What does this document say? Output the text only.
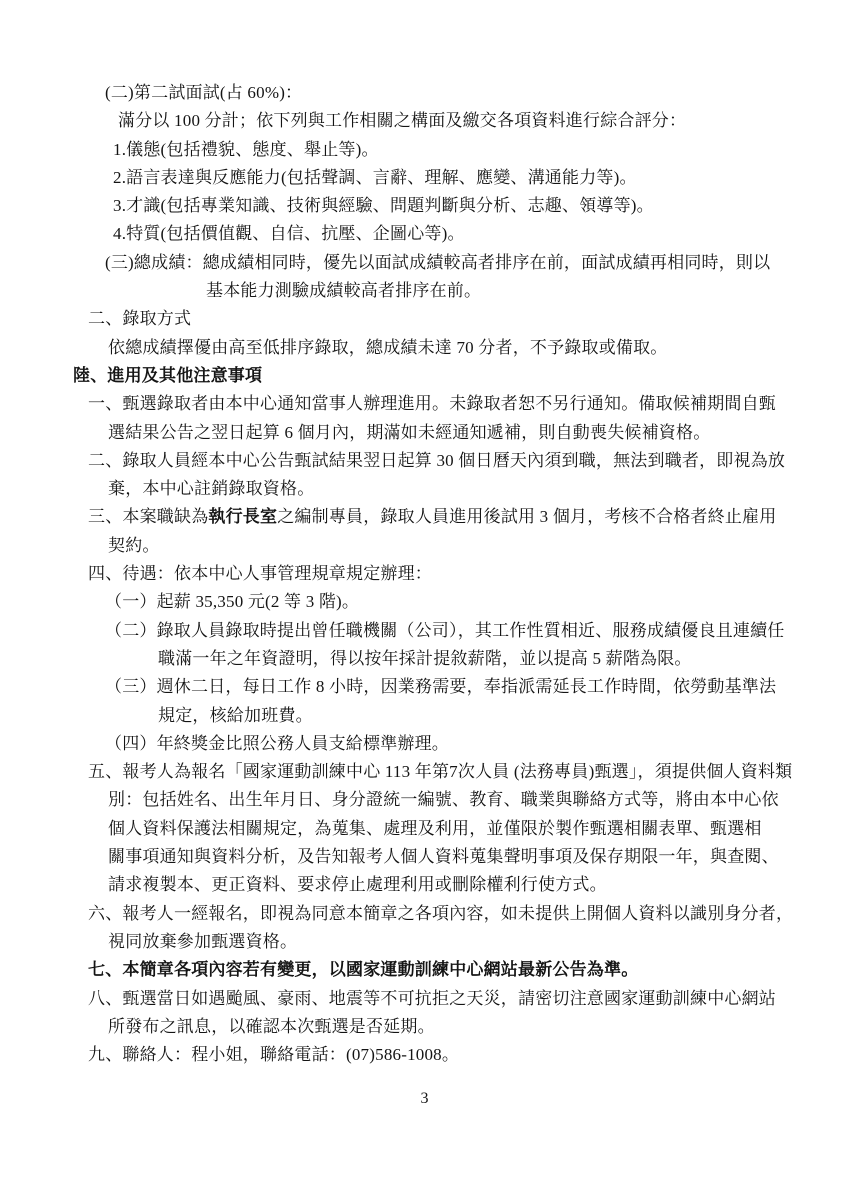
(二)第二試面試(占 60%)：
滿分以 100 分計；依下列與工作相關之構面及繳交各項資料進行綜合評分：
1.儀態(包括禮貌、態度、舉止等)。
2.語言表達與反應能力(包括聲調、言辭、理解、應變、溝通能力等)。
3.才識(包括專業知識、技術與經驗、問題判斷與分析、志趣、領導等)。
4.特質(包括價值觀、自信、抗壓、企圖心等)。
(三)總成績：總成績相同時，優先以面試成績較高者排序在前，面試成績再相同時，則以
基本能力測驗成績較高者排序在前。
二、錄取方式
依總成績擇優由高至低排序錄取，總成績未達 70 分者，不予錄取或備取。
陸、進用及其他注意事項
一、甄選錄取者由本中心通知當事人辦理進用。未錄取者恕不另行通知。備取候補期間自甄
選結果公告之翌日起算 6 個月內，期滿如未經通知遞補，則自動喪失候補資格。
二、錄取人員經本中心公告甄試結果翌日起算 30 個日曆天內須到職，無法到職者，即視為放
棄，本中心註銷錄取資格。
三、本案職缺為執行長室之編制專員，錄取人員進用後試用 3 個月，考核不合格者終止雇用
契約。
四、待遇：依本中心人事管理規章規定辦理：
（一）起薪 35,350 元(2 等 3 階)。
（二）錄取人員錄取時提出曾任職機關（公司），其工作性質相近、服務成績優良且連續任
職滿一年之年資證明，得以按年採計提敘薪階，並以提高 5 薪階為限。
（三）週休二日，每日工作 8 小時，因業務需要，奉指派需延長工作時間，依勞動基準法
規定，核給加班費。
（四）年終獎金比照公務人員支給標準辦理。
五、報考人為報名「國家運動訓練中心 113 年第7次人員 (法務專員)甄選」，須提供個人資料類
別：包括姓名、出生年月日、身分證統一編號、教育、職業與聯絡方式等，將由本中心依
個人資料保護法相關規定，為蒐集、處理及利用，並僅限於製作甄選相關表單、甄選相
關事項通知與資料分析，及告知報考人個人資料蒐集聲明事項及保存期限一年，與查閱、
請求複製本、更正資料、要求停止處理利用或刪除權利行使方式。
六、報考人一經報名，即視為同意本簡章之各項內容，如未提供上開個人資料以識別身分者，
視同放棄參加甄選資格。
七、本簡章各項內容若有變更，以國家運動訓練中心網站最新公告為準。
八、甄選當日如遇颱風、豪雨、地震等不可抗拒之天災，請密切注意國家運動訓練中心網站
所發布之訊息，以確認本次甄選是否延期。
九、聯絡人：程小姐，聯絡電話：(07)586-1008。
3
